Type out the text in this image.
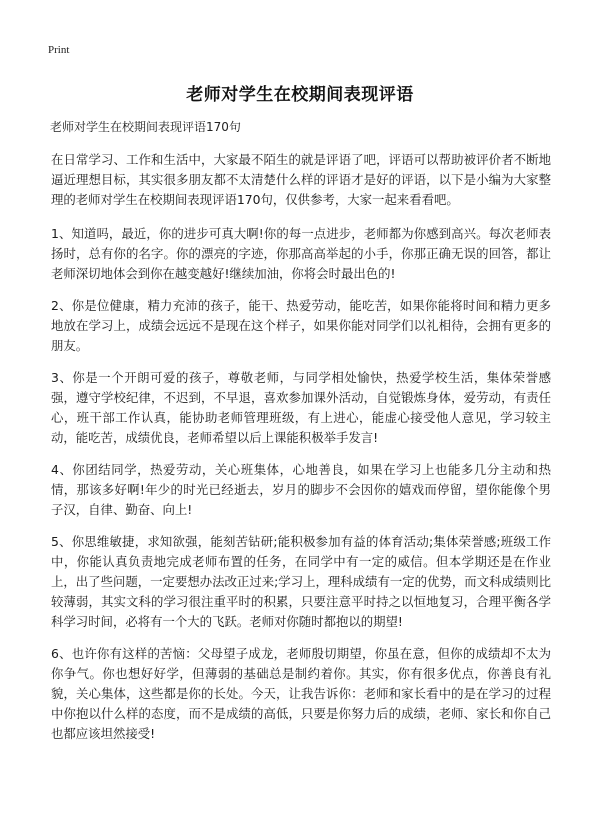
Print
老师对学生在校期间表现评语
老师对学生在校期间表现评语170句

在日常学习、工作和生活中，大家最不陌生的就是评语了吧，评语可以帮助被评价者不断地逼近理想目标，其实很多朋友都不太清楚什么样的评语才是好的评语，以下是小编为大家整理的老师对学生在校期间表现评语170句，仅供参考，大家一起来看看吧。

1、知道吗，最近，你的进步可真大啊!你的每一点进步，老师都为你感到高兴。每次老师表扬时，总有你的名字。你的漂亮的字迹，你那高高举起的小手，你那正确无误的回答，都让老师深切地体会到你在越变越好!继续加油，你将会时最出色的!

2、你是位健康，精力充沛的孩子，能干、热爱劳动，能吃苦，如果你能将时间和精力更多地放在学习上，成绩会远远不是现在这个样子，如果你能对同学们以礼相待，会拥有更多的朋友。

3、你是一个开朗可爱的孩子，尊敬老师，与同学相处愉快，热爱学校生活，集体荣誉感强，遵守学校纪律，不迟到，不早退，喜欢参加课外活动，自觉锻炼身体，爱劳动，有责任心，班干部工作认真，能协助老师管理班级，有上进心，能虚心接受他人意见，学习较主动，能吃苦，成绩优良，老师希望以后上课能积极举手发言!

4、你团结同学，热爱劳动，关心班集体，心地善良，如果在学习上也能多几分主动和热情，那该多好啊!年少的时光已经逝去，岁月的脚步不会因你的嬉戏而停留，望你能像个男子汉，自律、勤奋、向上!

5、你思维敏捷，求知欲强，能刻苦钻研;能积极参加有益的体育活动;集体荣誉感;班级工作中，你能认真负责地完成老师布置的任务，在同学中有一定的威信。但本学期还是在作业上，出了些问题，一定要想办法改正过来;学习上，理科成绩有一定的优势，而文科成绩则比较薄弱，其实文科的学习很注重平时的积累，只要注意平时持之以恒地复习，合理平衡各学科学习时间，必将有一个大的飞跃。老师对你随时都抱以的期望!

6、也许你有这样的苦恼：父母望子成龙，老师殷切期望，你虽在意，但你的成绩却不太为你争气。你也想好好学，但薄弱的基础总是制约着你。其实，你有很多优点，你善良有礼貌，关心集体，这些都是你的长处。今天，让我告诉你：老师和家长看中的是在学习的过程中你抱以什么样的态度，而不是成绩的高低，只要是你努力后的成绩，老师、家长和你自己也都应该坦然接受!
